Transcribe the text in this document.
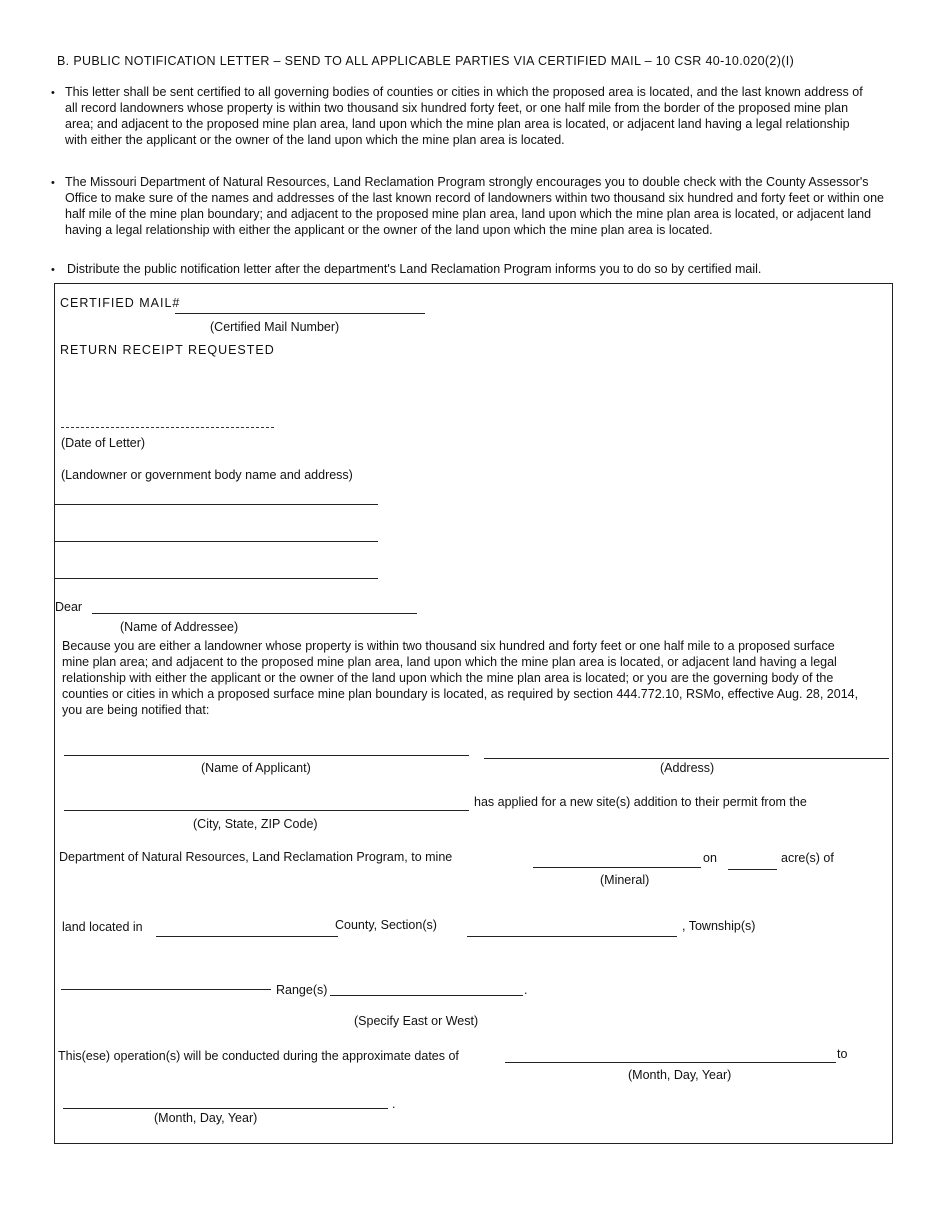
B. PUBLIC NOTIFICATION LETTER – SEND TO ALL APPLICABLE PARTIES VIA CERTIFIED MAIL – 10 CSR 40-10.020(2)(I)
• This letter shall be sent certified to all governing bodies of counties or cities in which the proposed area is located, and the last known address of all record landowners whose property is within two thousand six hundred forty feet, or one half mile from the border of the proposed mine plan area; and adjacent to the proposed mine plan area, land upon which the mine plan area is located, or adjacent land having a legal relationship with either the applicant or the owner of the land upon which the mine plan area is located.
• The Missouri Department of Natural Resources, Land Reclamation Program strongly encourages you to double check with the County Assessor's Office to make sure of the names and addresses of the last known record of landowners within two thousand six hundred and forty feet or within one half mile of the mine plan boundary; and adjacent to the proposed mine plan area, land upon which the mine plan area is located, or adjacent land having a legal relationship with either the applicant or the owner of the land upon which the mine plan area is located.
• Distribute the public notification letter after the department's Land Reclamation Program informs you to do so by certified mail.
CERTIFIED MAIL#
(Certified Mail Number)
RETURN RECEIPT REQUESTED
(Date of Letter)
(Landowner or government body name and address)
Dear
(Name of Addressee)
Because you are either a landowner whose property is within two thousand six hundred and forty feet or one half mile to a proposed surface mine plan area; and adjacent to the proposed mine plan area, land upon which the mine plan area is located, or adjacent land having a legal relationship with either the applicant or the owner of the land upon which the mine plan area is located; or you are the governing body of the counties or cities in which a proposed surface mine plan boundary is located, as required by section 444.772.10, RSMo, effective Aug. 28, 2014, you are being notified that:
(Name of Applicant)	(Address)
has applied for a new site(s) addition to their permit from the
(City, State, ZIP Code)
Department of Natural Resources, Land Reclamation Program, to mine	on	acre(s) of
(Mineral)
land located in	County, Section(s)	, Township(s)
Range(s)	.
(Specify East or West)
This(ese) operation(s) will be conducted during the approximate dates of	to
(Month, Day, Year)
.
(Month, Day, Year)
